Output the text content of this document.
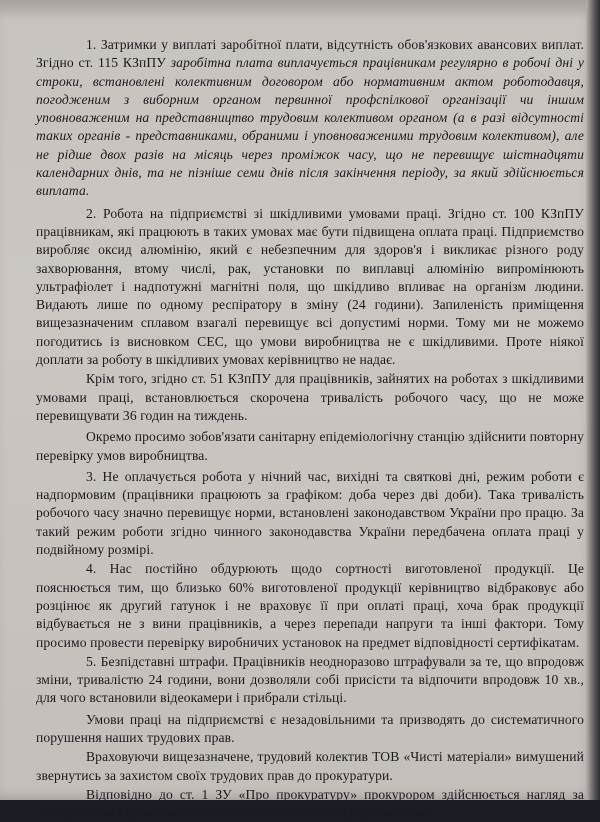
1. Затримки у виплаті заробітної плати, відсутність обов'язкових авансових виплат. Згідно ст. 115 КЗпПУ заробітна плата виплачується працівникам регулярно в робочі дні у строки, встановлені колективним договором або нормативним актом роботодавця, погодженим з виборним органом первинної профспілкової організації чи іншим уповноваженим на представництво трудовим колективом органом (а в разі відсутності таких органів - представниками, обраними і уповноваженими трудовим колективом), але не рідше двох разів на місяць через проміжок часу, що не перевищує шістнадцяти календарних днів, та не пізніше семи днів після закінчення періоду, за який здійснюється виплата.

2. Робота на підприємстві зі шкідливими умовами праці. Згідно ст. 100 КЗпПУ працівникам, які працюють в таких умовах має бути підвищена оплата праці. Підприємство виробляє оксид алюмінію, який є небезпечним для здоров'я і викликає різного роду захворювання, втому числі, рак, установки по виплавці алюмінію випромінюють ультрафіолет і надпотужні магнітні поля, що шкідливо впливає на організм людини. Видають лише по одному респіратору в зміну (24 години). Запиленість приміщення вищезазначеним сплавом взагалі перевищує всі допустимі норми. Тому ми не можемо погодитись із висновком СЕС, що умови виробництва не є шкідливими. Проте ніякої доплати за роботу в шкідливих умовах керівництво не надає.

Крім того, згідно ст. 51 КЗпПУ для працівників, зайнятих на роботах з шкідливими умовами праці, встановлюється скорочена тривалість робочого часу, що не може перевищувати 36 годин на тиждень.

Окремо просимо зобов'язати санітарну епідеміологічну станцію здійснити повторну перевірку умов виробництва.

3. Не оплачується робота у нічний час, вихідні та святкові дні, режим роботи є надпормовим (працівники працюють за графіком: доба через дві доби). Така тривалість робочого часу значно перевищує норми, встановлені законодавством України про працю. За такий режим роботи згідно чинного законодавства України передбачена оплата праці у подвійному розмірі.

4. Нас постійно обдурюють щодо сортності виготовленої продукції. Це пояснюється тим, що близько 60% виготовленої продукції керівництво відбраковує або розцінює як другий гатунок і не враховує її при оплаті праці, хоча брак продукції відбувається не з вини працівників, а через перепади напруги та інші фактори. Тому просимо провести перевірку виробничих установок на предмет відповідності сертифікатам.

5. Безпідставні штрафи. Працівників неодноразово штрафували за те, що впродовж зміни, тривалістю 24 години, вони дозволяли собі присісти та відпочити впродовж 10 хв., для чого встановили відеокамери і прибрали стільці.

Умови праці на підприємстві є незадовільними та призводять до систематичного порушення наших трудових прав.

Враховуючи вищезазначене, трудовий колектив ТОВ «Чисті матеріали» вимушений звернутись за захистом своїх трудових прав до прокуратури.

Відповідно до ст. 1 ЗУ «Про прокуратуру» прокурором здійснюється нагляд за додержанням і правильним застосуванням законів підприємствами,
